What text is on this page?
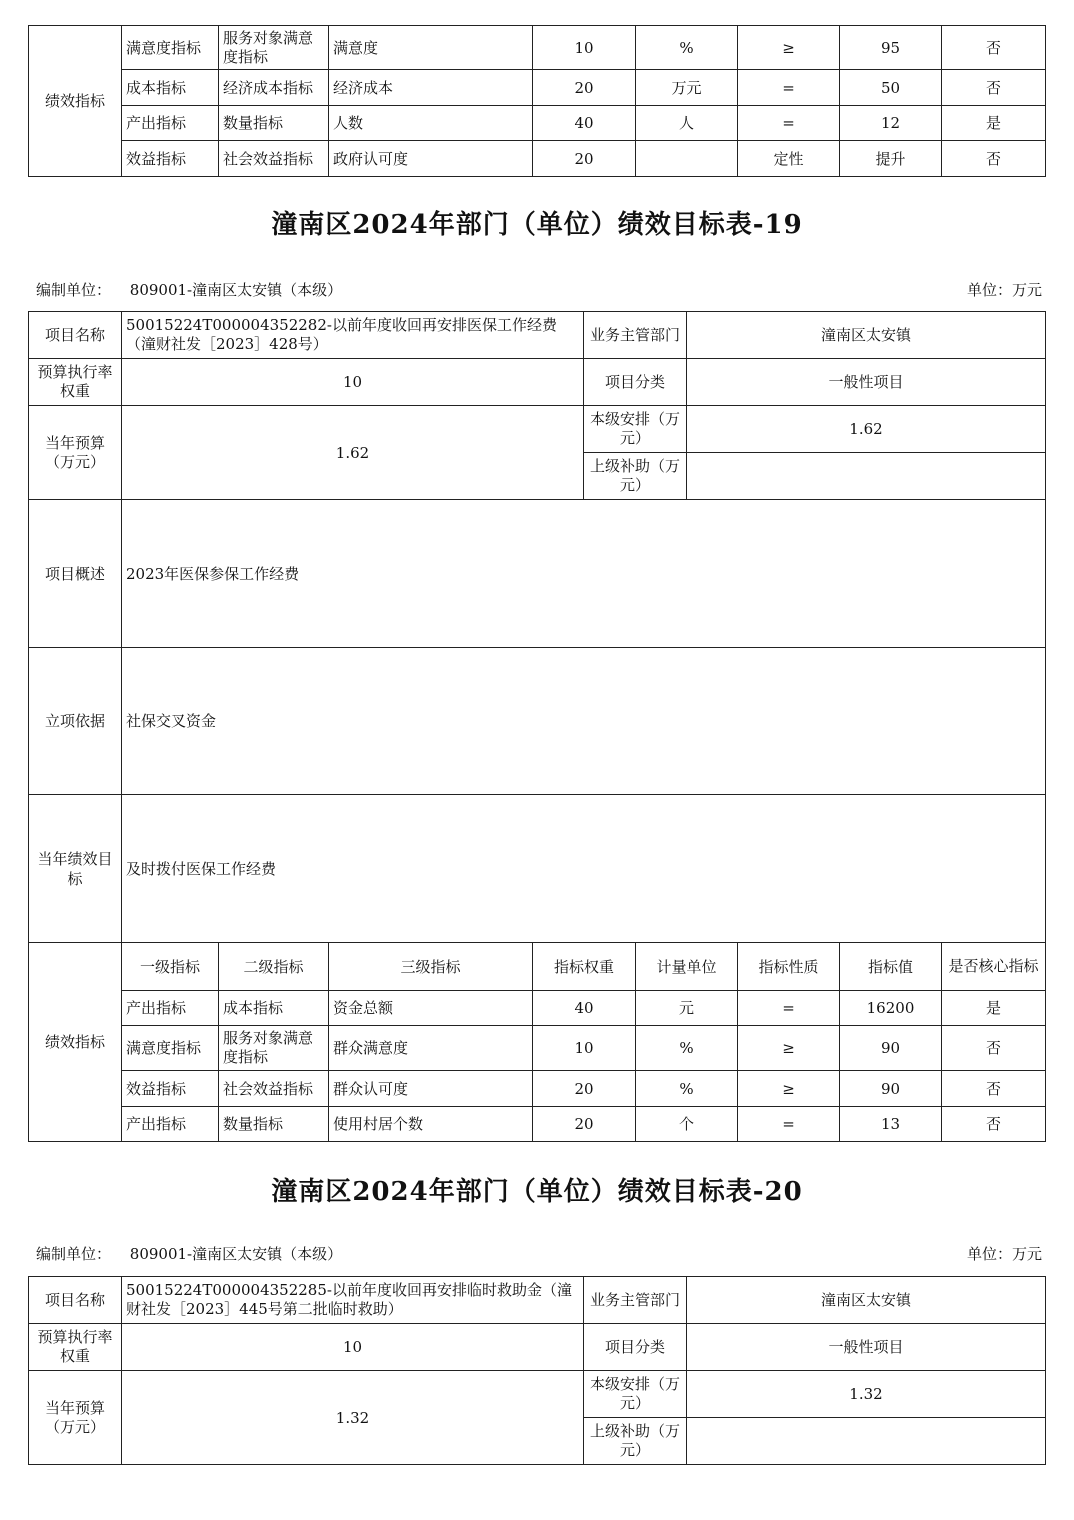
绩效指标	满意度指标	服务对象满意度指标	满意度	10	%	≥	95	否
	成本指标	经济成本指标	经济成本	20	万元	=	50	否
	产出指标	数量指标	人数	40	人	=	12	是
	效益指标	社会效益指标	政府认可度	20		定性	提升	否
潼南区2024年部门（单位）绩效目标表-19
编制单位： 809001-潼南区太安镇（本级）	单位：万元
项目名称	50015224T000004352282-以前年度收回再安排医保工作经费（潼财社发［2023］428号）	业务主管部门	潼南区太安镇
预算执行率权重	10	项目分类	一般性项目
当年预算（万元）	1.62	本级安排（万元）	1.62
		上级补助（万元）	
项目概述	2023年医保参保工作经费		
立项依据	社保交叉资金		
当年绩效目标	及时拨付医保工作经费		
绩效指标	一级指标	二级指标	三级指标	指标权重	计量单位	指标性质	指标值	是否核心指标
	产出指标	成本指标	资金总额	40	元	=	16200	是
	满意度指标	服务对象满意度指标	群众满意度	10	%	≥	90	否
	效益指标	社会效益指标	群众认可度	20	%	≥	90	否
	产出指标	数量指标	使用村居个数	20	个	=	13	否
潼南区2024年部门（单位）绩效目标表-20
编制单位： 809001-潼南区太安镇（本级）	单位：万元
项目名称	50015224T000004352285-以前年度收回再安排临时救助金（潼财社发［2023］445号第二批临时救助）	业务主管部门	潼南区太安镇
预算执行率权重	10	项目分类	一般性项目
当年预算（万元）	1.32	本级安排（万元）	1.32
		上级补助（万元）	
